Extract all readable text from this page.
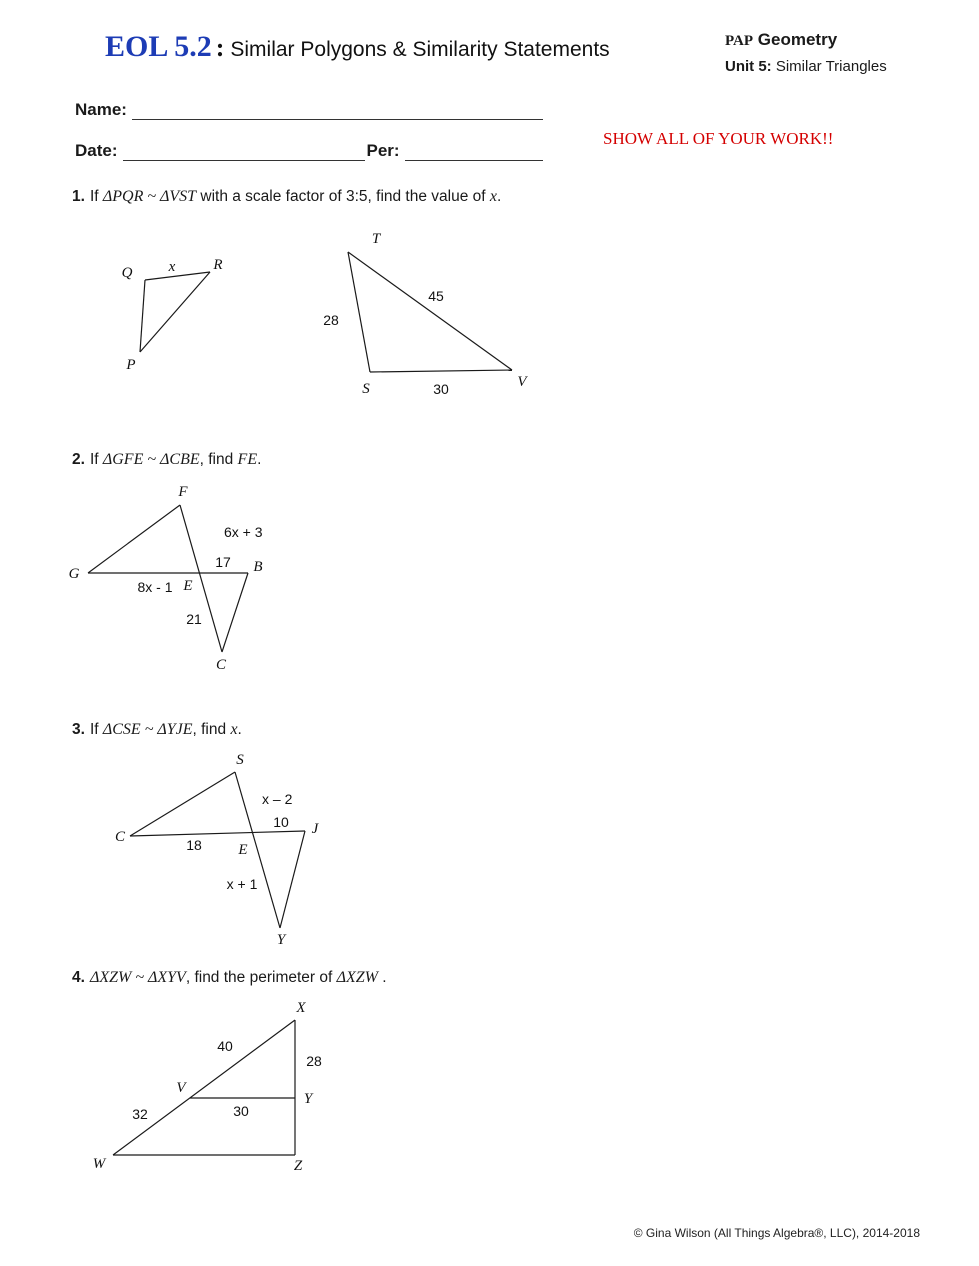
EOL 5.2 : Similar Polygons & Similarity Statements	PAP Geometry
Unit 5: Similar Triangles
Name:
Date:	Per:
SHOW ALL OF YOUR WORK!!
1. If ΔPQR ~ ΔVST with a scale factor of 3:5, find the value of x.
Q	R
P
x
T
S	V
28
45
30
2. If ΔGFE ~ ΔCBE, find FE.
F
G	B
E
C
6x + 3
17
8x - 1
21
3. If ΔCSE ~ ΔYJE, find x.
S
C	J
E
Y
x – 2
10
18
x + 1
4. ΔXZW ~ ΔXYV, find the perimeter of ΔXZW .
X
Y
Z
W
V
40
28
32	30
© Gina Wilson (All Things Algebra®, LLC), 2014-2018
